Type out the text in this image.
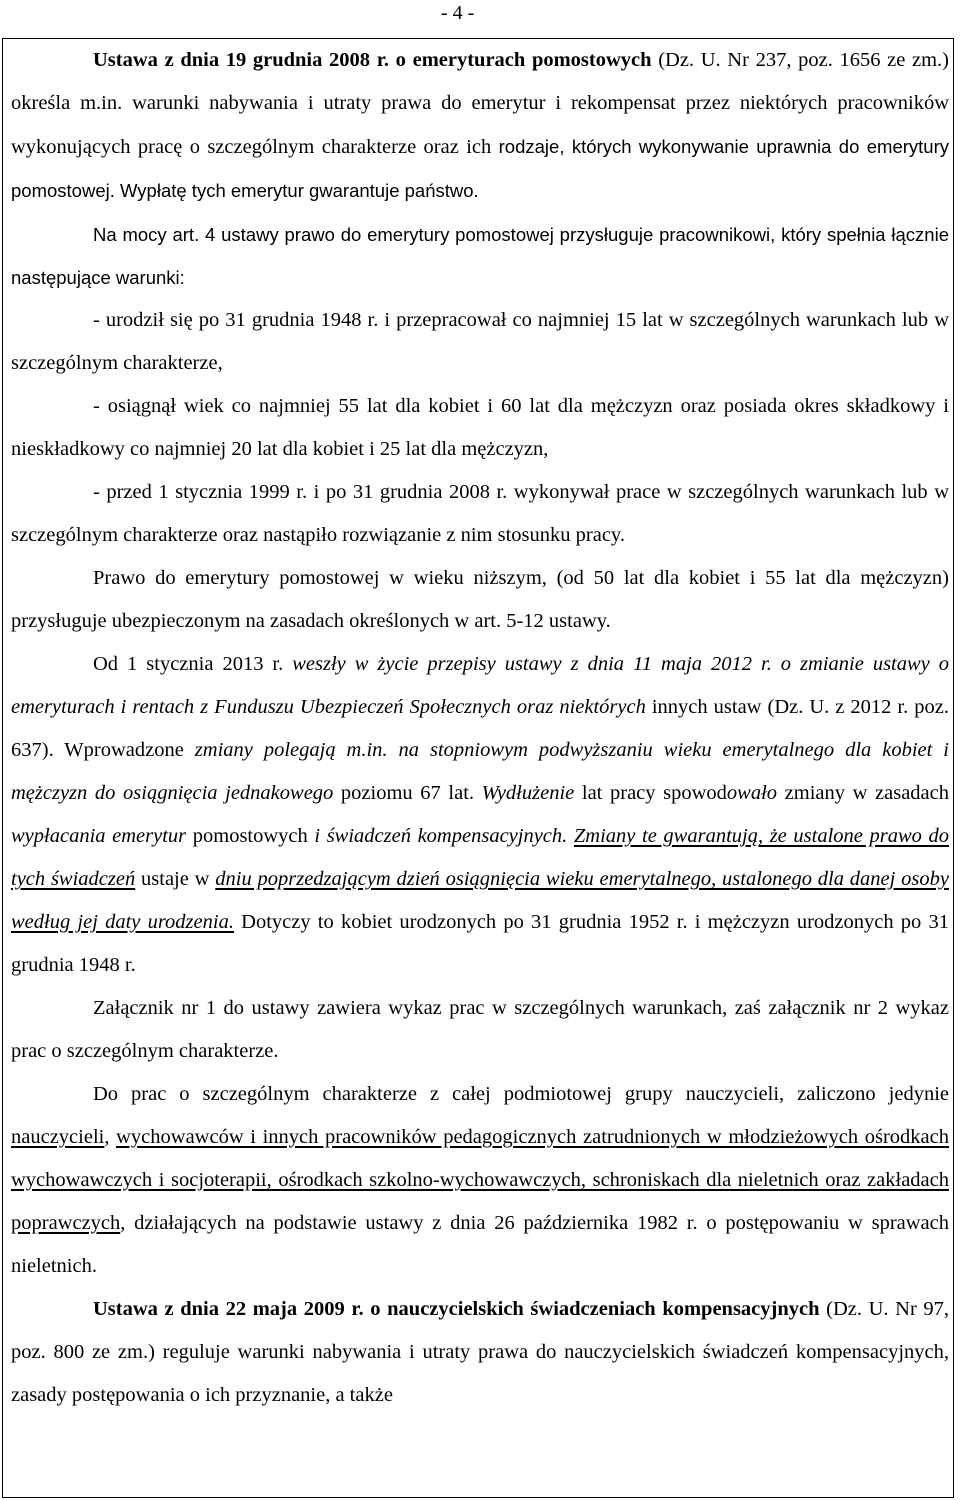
- 4 -

Ustawa z dnia 19 grudnia 2008 r. o emeryturach pomostowych (Dz. U. Nr 237, poz. 1656 ze zm.) określa m.in. warunki nabywania i utraty prawa do emerytur i rekompensat przez niektórych pracowników wykonujących pracę o szczególnym charakterze oraz ich rodzaje, których wykonywanie uprawnia do emerytury pomostowej. Wypłatę tych emerytur gwarantuje państwo.

Na mocy art. 4 ustawy prawo do emerytury pomostowej przysługuje pracownikowi, który spełnia łącznie następujące warunki:

- urodził się po 31 grudnia 1948 r. i przepracował co najmniej 15 lat w szczególnych warunkach lub w szczególnym charakterze,

- osiągnął wiek co najmniej 55 lat dla kobiet i 60 lat dla mężczyzn oraz posiada okres składkowy i nieskładkowy co najmniej 20 lat dla kobiet i 25 lat dla mężczyzn,

- przed 1 stycznia 1999 r. i po 31 grudnia 2008 r. wykonywał prace w szczególnych warunkach lub w szczególnym charakterze oraz nastąpiło rozwiązanie z nim stosunku pracy.

Prawo do emerytury pomostowej w wieku niższym, (od 50 lat dla kobiet i 55 lat dla mężczyzn) przysługuje ubezpieczonym na zasadach określonych w art. 5-12 ustawy.

Od 1 stycznia 2013 r. weszły w życie przepisy ustawy z dnia 11 maja 2012 r. o zmianie ustawy o emeryturach i rentach z Funduszu Ubezpieczeń Społecznych oraz niektórych innych ustaw (Dz. U. z 2012 r. poz. 637). Wprowadzone zmiany polegają m.in. na stopniowym podwyższaniu wieku emerytalnego dla kobiet i mężczyzn do osiągnięcia jednakowego poziomu 67 lat. Wydłużenie lat pracy spowodowało zmiany w zasadach wypłacania emerytur pomostowych i świadczeń kompensacyjnych. Zmiany te gwarantują, że ustalone prawo do tych świadczeń ustaje w dniu poprzedzającym dzień osiągnięcia wieku emerytalnego, ustalonego dla danej osoby według jej daty urodzenia. Dotyczy to kobiet urodzonych po 31 grudnia 1952 r. i mężczyzn urodzonych po 31 grudnia 1948 r.

Załącznik nr 1 do ustawy zawiera wykaz prac w szczególnych warunkach, zaś załącznik nr 2 wykaz prac o szczególnym charakterze.

Do prac o szczególnym charakterze z całej podmiotowej grupy nauczycieli, zaliczono jedynie nauczycieli, wychowawców i innych pracowników pedagogicznych zatrudnionych w młodzieżowych ośrodkach wychowawczych i socjoterapii, ośrodkach szkolno-wychowawczych, schroniskach dla nieletnich oraz zakładach poprawczych, działających na podstawie ustawy z dnia 26 października 1982 r. o postępowaniu w sprawach nieletnich.

Ustawa z dnia 22 maja 2009 r. o nauczycielskich świadczeniach kompensacyjnych (Dz. U. Nr 97, poz. 800 ze zm.) reguluje warunki nabywania i utraty prawa do nauczycielskich świadczeń kompensacyjnych, zasady postępowania o ich przyznanie, a także
